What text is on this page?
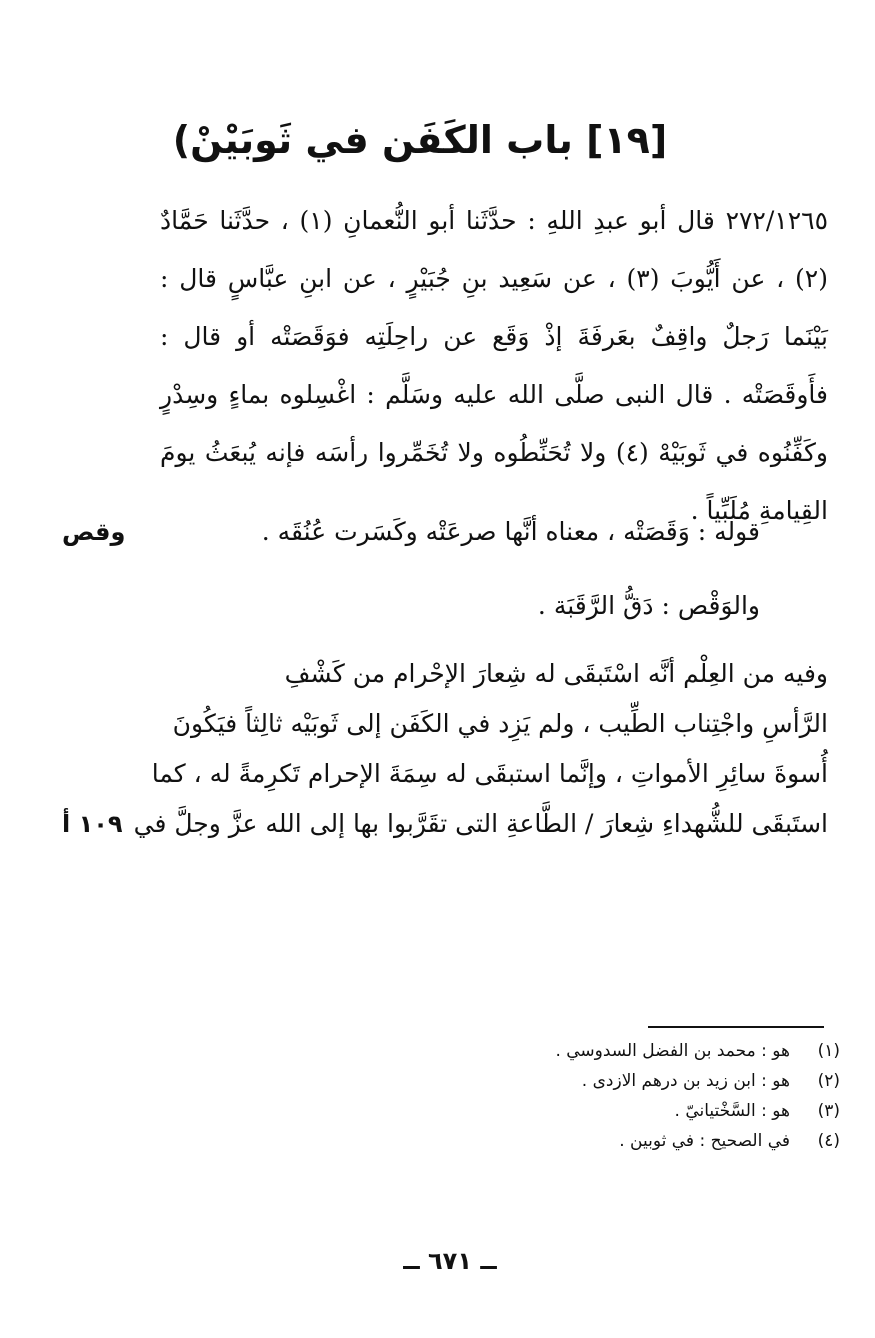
[١٩] باب الكَفَن في ثَوبَيْنْ)
٢٧٢/١٢٦٥ قال أبو عبدِ اللهِ : حدَّثَنا أبو النُّعمانِ (١) ، حدَّثَنا حَمَّادٌ (٢) ، عن أَيُّوبَ (٣) ، عن سَعِيد بنِ جُبَيْرٍ ، عن ابنِ عبَّاسٍ قال : بَيْنَما رَجلٌ واقِفٌ بعَرفَةَ إذْ وَقَع عن راحِلَتِه فوَقَصَتْه أو قال : فأَوقَصَتْه . قال النبى صلَّى الله عليه وسَلَّم : اغْسِلوه بماءٍ وسِدْرٍ وكَفِّنُوه في ثَوبَيْهْ (٤) ولا تُحَنِّطُوه ولا تُخَمِّروا رأسَه فإنه يُبعَثُ يومَ القِيامةِ مُلَبِّياً .
قوله : وَقَصَتْه ، معناه أنَّها صرعَتْه وكَسَرت عُنُقَه .
وقص
والوَقْص : دَقُّ الرَّقَبَة .
وفيه من العِلْم أنَّه اسْتَبقَى له شِعارَ الإحْرام من كَشْفِ
الرَّأسِ واجْتِناب الطِّيب ، ولم يَزِد في الكَفَن إلى ثَوبَيْه ثالِثاً فيَكُونَ
أُسوةَ سائِرِ الأمواتِ ، وإنَّما استبقَى له سِمَةَ الإحرام تَكرِمةً له ، كما
استَبقَى للشُّهداءِ شِعارَ / الطَّاعةِ التى تقَرَّبوا بها إلى الله عزَّ وجلَّ في
١٠٩ أ
(١)
هو : محمد بن الفضل السدوسي .
(٢)
هو : ابن زيد بن درهم الازدى .
(٣)
هو : السَّخْتيانيّ .
(٤)
في الصحيح : في ثوبين .
ــ ٦٧١ ــ
